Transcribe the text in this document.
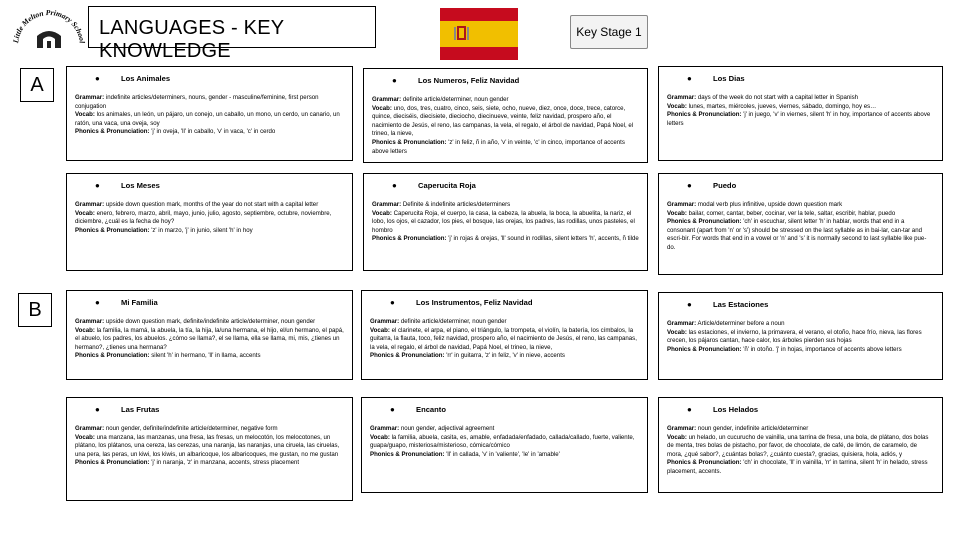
Little Melton Primary School
LANGUAGES - KEY KNOWLEDGE
Key Stage 1
A
B
●	Los Animales

Grammar: indefinite articles/determiners, nouns, gender - masculine/feminine, first person conjugation

Vocab: los animales, un león, un pájaro, un conejo, un caballo, un mono, un cerdo, un canario, un ratón, una vaca, una oveja, soy

Phonics & Pronunciation: 'j' in oveja, 'll' in caballo, 'v' in vaca, 'c' in cerdo

●	Los Numeros, Feliz Navidad

Grammar: definite article/determiner, noun gender

Vocab: uno, dos, tres, cuatro, cinco, seis, siete, ocho, nueve, diez, once, doce, trece, catorce, quince, dieciséis, diecisiete, dieciocho, diecinueve, veinte, feliz navidad, prospero año, el nacimiento de Jesús, el reno, las campanas, la vela, el regalo, el árbol de navidad, Papá Noel, el trineo, la nieve,

Phonics & Pronunciation: 'z' in feliz, ñ in año, 'v' in veinte, 'c' in cinco, importance of accents above letters

●	Los Dias

Grammar: days of the week do not start with a capital letter in Spanish

Vocab: lunes, martes, miércoles, jueves, viernes, sábado, domingo, hoy es…

Phonics & Pronunciation: 'j' in juego, 'v' in viernes, silent 'h' in hoy, importance of accents above letters

●	Los Meses

Grammar: upside down question mark, months of the year do not start with a capital letter

Vocab: enero, febrero, marzo, abril, mayo, junio, julio, agosto, septiembre, octubre, noviembre, diciembre, ¿cuál es la fecha de hoy?

Phonics & Pronunciation: 'z' in marzo, 'j' in junio, silent 'h' in hoy

●	Caperucita Roja

Grammar: Definite & indefinite articles/determiners

Vocab: Caperucita Roja, el cuerpo, la casa, la cabeza, la abuela, la boca, la abuelita, la nariz, el lobo, los ojos, el cazador, los pies, el bosque, las orejas, los padres, las rodillas, unos pasteles, el hombro

Phonics & Pronunciation: 'j' in rojas & orejas, 'll' sound in rodillas, silent letters 'h', accents, ñ tilde

●	Puedo

Grammar: modal verb plus infinitive, upside down question mark

Vocab: bailar, comer, cantar, beber, cocinar, ver la tele, saltar, escribir, hablar, puedo

Phonics & Pronunciation: 'ch' in escuchar, silent letter 'h' in hablar, words that end in a consonant (apart from 'n' or 's') should be stressed on the last syllable as in bai-lar, can-tar and escri-bir. For words that end in a vowel or 'n' and 's' it is normally second to last syllable like pue-do.

●	Mi Familia

Grammar: upside down question mark, definite/indefinite article/determiner, noun gender

Vocab: la familia, la mamá, la abuela, la tía, la hija, la/una hermana, el hijo, el/un hermano, el papá, el abuelo, los padres, los abuelos. ¿cómo se llama?, el se llama, ella se llama, mi, mis, ¿tienes un hermano?, ¿tienes una hermana?

Phonics & Pronunciation: silent 'h' in hermano, 'll' in llama, accents

●	Los Instrumentos, Feliz Navidad

Grammar: definite article/determiner, noun gender

Vocab: el clarinete, el arpa, el piano, el triángulo, la trompeta, el violín, la batería, los címbalos, la guitarra, la flauta, toco, feliz navidad, prospero año, el nacimiento de Jesús, el reno, las campanas, la vela, el regalo, el árbol de navidad, Papá Noel, el trineo, la nieve,

Phonics & Pronunciation: 'rr' in guitarra, 'z' in feliz, 'v' in nieve, accents

●	Las Estaciones

Grammar: Article/determiner before a noun

Vocab: las estaciones, el invierno, la primavera, el verano, el otoño, hace frío, nieva, las flores crecen, los pájaros cantan, hace calor, los árboles pierden sus hojas

Phonics & Pronunciation: 'ñ' in otoño. 'j' in hojas, importance of accents above letters

●	Las Frutas

Grammar: noun gender, definite/indefinite article/determiner, negative form

Vocab: una manzana, las manzanas, una fresa, las fresas, un melocotón, los melocotones, un plátano, los plátanos, una cereza, las cerezas, una naranja, las naranjas, una ciruela, las ciruelas, una pera, las peras, un kiwi, los kiwis, un albaricoque, los albaricoques, me gustan, no me gustan

Phonics & Pronunciation: 'j' in naranja, 'z' in manzana, accents, stress placement

●	Encanto

Grammar: noun gender, adjectival agreement

Vocab: la familia, abuela, casita, es, amable, enfadada/enfadado, callada/callado, fuerte, valiente, guapa/guapo, misteriosa/misterioso, cómica/cómico

Phonics & Pronunciation: 'll' in callada, 'v' in 'valiente', 'le' in 'amable'

●	Los Helados

Grammar: noun gender, indefinite article/determiner

Vocab: un helado, un cucurucho de vainilla, una tarrina de fresa, una bola, de plátano, dos bolas de menta, tres bolas de pistacho, por favor, de chocolate, de café, de limón, de caramelo, de mora, ¿qué sabor?, ¿cuántas bolas?, ¿cuánto cuesta?, gracias, quisiera, hola, adiós, y

Phonics & Pronunciation: 'ch' in chocolate, 'll' in vainilla, 'rr' in tarrina, silent 'h' in helado, stress placement, accents.
